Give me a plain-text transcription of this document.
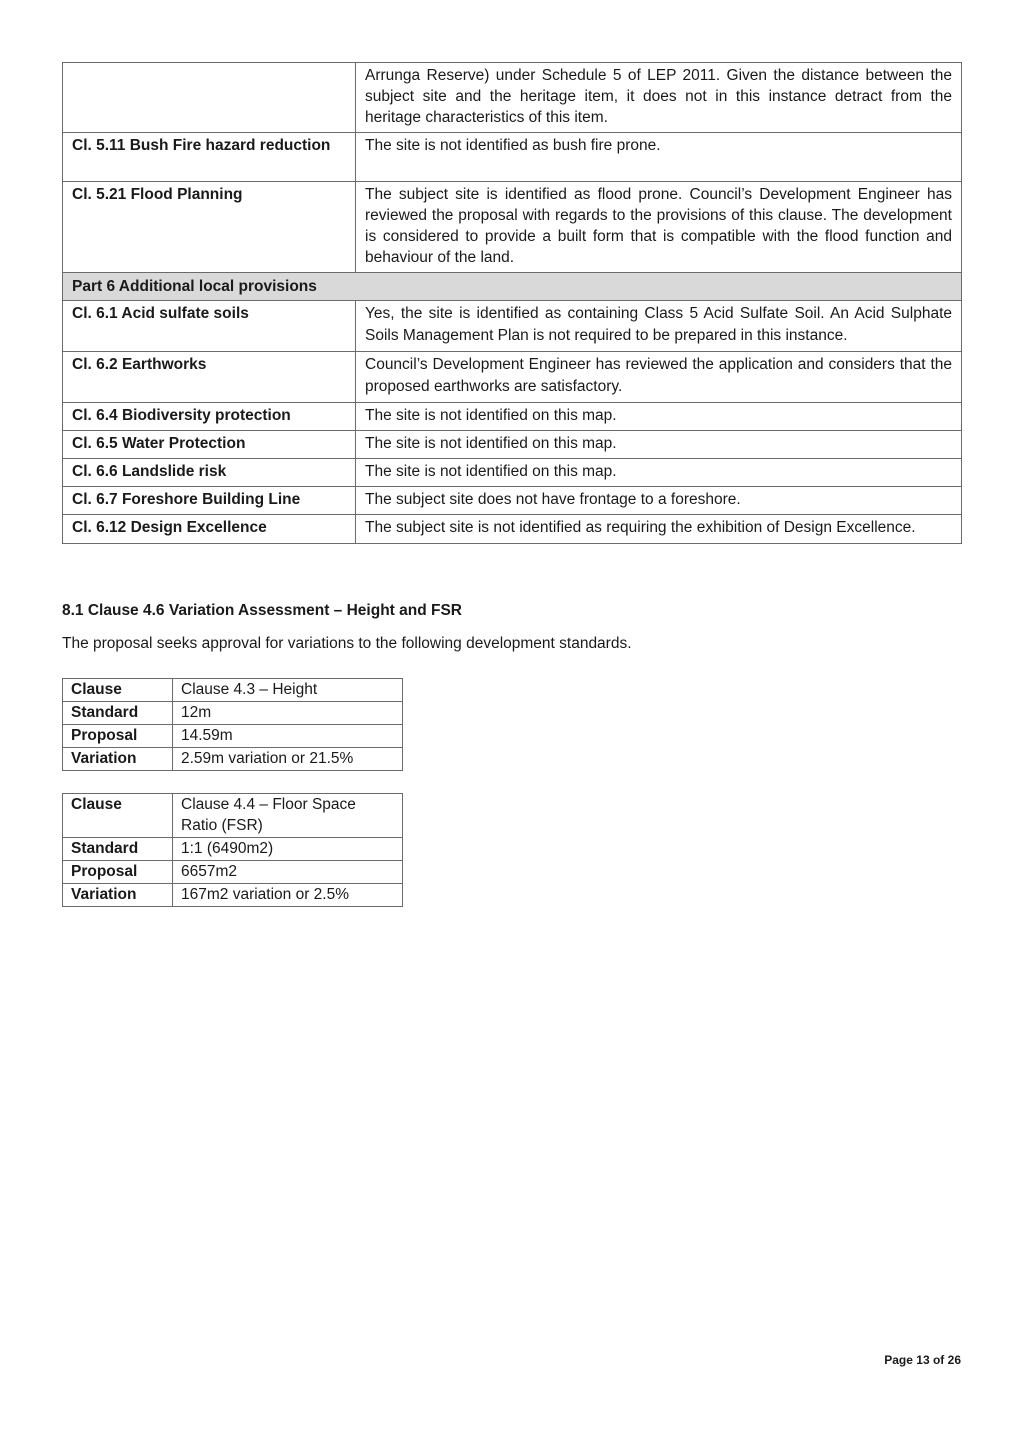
	Arrunga Reserve) under Schedule 5 of LEP 2011. Given the distance between the subject site and the heritage item, it does not in this instance detract from the heritage characteristics of this item.
Cl. 5.11 Bush Fire hazard reduction	The site is not identified as bush fire prone.
Cl. 5.21 Flood Planning	The subject site is identified as flood prone. Council’s Development Engineer has reviewed the proposal with regards to the provisions of this clause. The development is considered to provide a built form that is compatible with the flood function and behaviour of the land.
Part 6 Additional local provisions	
Cl. 6.1 Acid sulfate soils	Yes, the site is identified as containing Class 5 Acid Sulfate Soil. An Acid Sulphate Soils Management Plan is not required to be prepared in this instance.
Cl. 6.2 Earthworks	Council’s Development Engineer has reviewed the application and considers that the proposed earthworks are satisfactory.
Cl. 6.4 Biodiversity protection	The site is not identified on this map.
Cl. 6.5 Water Protection	The site is not identified on this map.
Cl. 6.6 Landslide risk	The site is not identified on this map.
Cl. 6.7 Foreshore Building Line	The subject site does not have frontage to a foreshore.
Cl. 6.12 Design Excellence	The subject site is not identified as requiring the exhibition of Design Excellence.
8.1 Clause 4.6 Variation Assessment – Height and FSR
The proposal seeks approval for variations to the following development standards.
Clause	Clause 4.3 – Height
Standard	12m
Proposal	14.59m
Variation	2.59m variation or 21.5%
Clause	Clause 4.4 – Floor Space Ratio (FSR)
Standard	1:1 (6490m2)
Proposal	6657m2
Variation	167m2 variation or 2.5%
Page 13 of 26
